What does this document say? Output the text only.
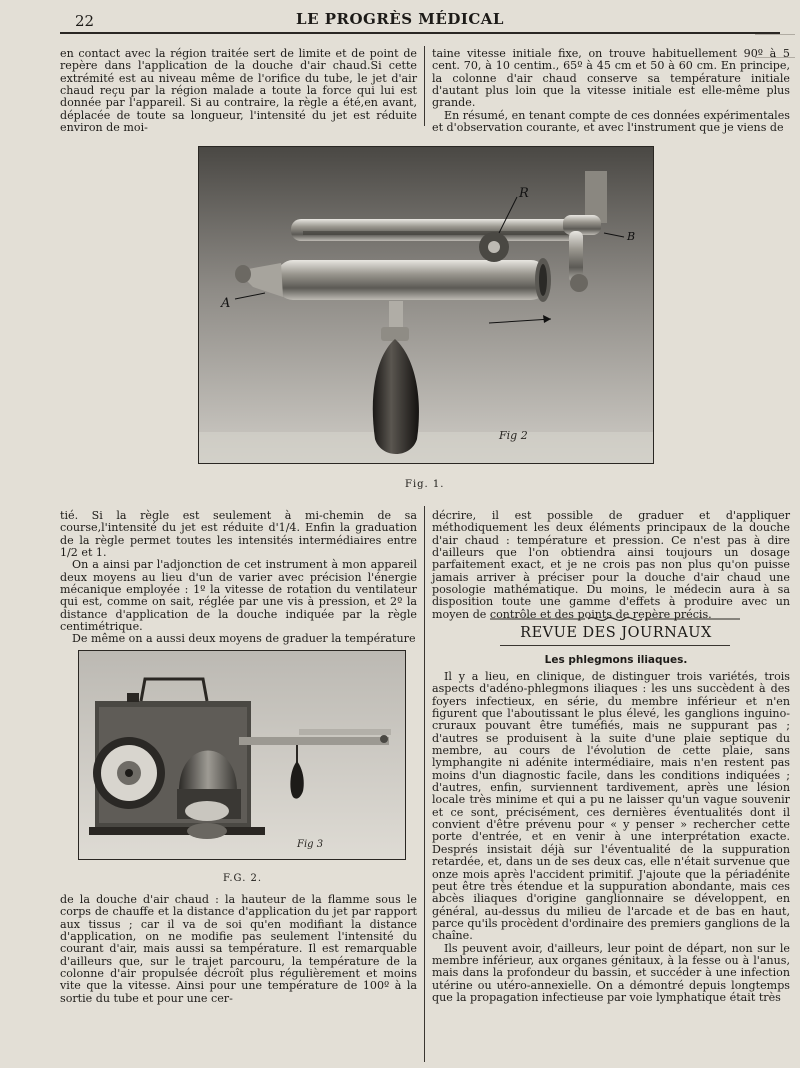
22	LE PROGRÈS MÉDICAL

en contact avec la région traitée sert de limite et de point de repère dans l'application de la douche d'air chaud.Si cette extrémité est au niveau même de l'orifice du tube, le jet d'air chaud reçu par la région malade a toute la force qui lui est donnée par l'appareil. Si au contraire, la règle a été,en avant, déplacée de toute sa longueur, l'intensité du jet est réduite environ de moi-

taine vitesse initiale fixe, on trouve habituellement 90º à 5 cent. 70, à 10 centim., 65º à 45 cm et 50 à 60 cm. En principe, la colonne d'air chaud conserve sa température initiale d'autant plus loin que la vitesse initiale est elle-même plus grande.

En résumé, en tenant compte de ces données expérimentales et d'observation courante, et avec l'instrument que je viens de

R
B
A
Fig 2
Fig. 1.

tié. Si la règle est seulement à mi-chemin de sa course,l'intensité du jet est réduite d'1/4. Enfin la graduation de la règle permet toutes les intensités intermédiaires entre 1/2 et 1.

On a ainsi par l'adjonction de cet instrument à mon appareil deux moyens au lieu d'un de varier avec précision l'énergie mécanique employée : 1º la vitesse de rotation du ventilateur qui est, comme on sait, réglée par une vis à pression, et 2º la distance d'application de la douche indiquée par la règle centimétrique.

De même on a aussi deux moyens de graduer la température

décrire, il est possible de graduer et d'appliquer méthodiquement les deux éléments principaux de la douche d'air chaud : température et pression. Ce n'est pas à dire d'ailleurs que l'on obtiendra ainsi toujours un dosage parfaitement exact, et je ne crois pas non plus qu'on puisse jamais arriver à préciser pour la douche d'air chaud une posologie mathématique. Du moins, le médecin aura à sa disposition toute une gamme d'effets à produire avec un moyen de contrôle et des points de repère précis.

Fig 3
F.G. 2.

de la douche d'air chaud : la hauteur de la flamme sous le corps de chauffe et la distance d'application du jet par rapport aux tissus ; car il va de soi qu'en modifiant la distance d'application, on ne modifie pas seulement l'intensité du courant d'air, mais aussi sa température. Il est remarquable d'ailleurs que, sur le trajet parcouru, la température de la colonne d'air propulsée décroît plus régulièrement et moins vite que la vitesse. Ainsi pour une température de 100º à la sortie du tube et pour une cer-

REVUE DES JOURNAUX
Les phlegmons iliaques.

Il y a lieu, en clinique, de distinguer trois variétés, trois aspects d'adéno-phlegmons iliaques : les uns succèdent à des foyers infectieux, en série, du membre inférieur et n'en figurent que l'aboutissant le plus élevé, les ganglions inguino-cruraux pouvant être tuméfiés, mais ne suppurant pas ; d'autres se produisent à la suite d'une plaie septique du membre, au cours de l'évolution de cette plaie, sans lymphangite ni adénite intermédiaire, mais n'en restent pas moins d'un diagnostic facile, dans les conditions indiquées ; d'autres, enfin, surviennent tardivement, après une lésion locale très minime et qui a pu ne laisser qu'un vague souvenir et ce sont, précisément, ces dernières éventualités dont il convient d'être prévenu pour « y penser » rechercher cette porte d'entrée, et en venir à une interprétation exacte. Després insistait déjà sur l'éventualité de la suppuration retardée, et, dans un de ses deux cas, elle n'était survenue que onze mois après l'accident primitif. J'ajoute que la périadénite peut être très étendue et la suppuration abondante, mais ces abcès iliaques d'origine ganglionnaire se développent, en général, au-dessus du milieu de l'arcade et de bas en haut, parce qu'ils procèdent d'ordinaire des premiers ganglions de la chaîne.

Ils peuvent avoir, d'ailleurs, leur point de départ, non sur le membre inférieur, aux organes génitaux, à la fesse ou à l'anus, mais dans la profondeur du bassin, et succéder à une infection utérine ou utéro-annexielle. On a démontré depuis longtemps que la propagation infectieuse par voie lymphatique était très
